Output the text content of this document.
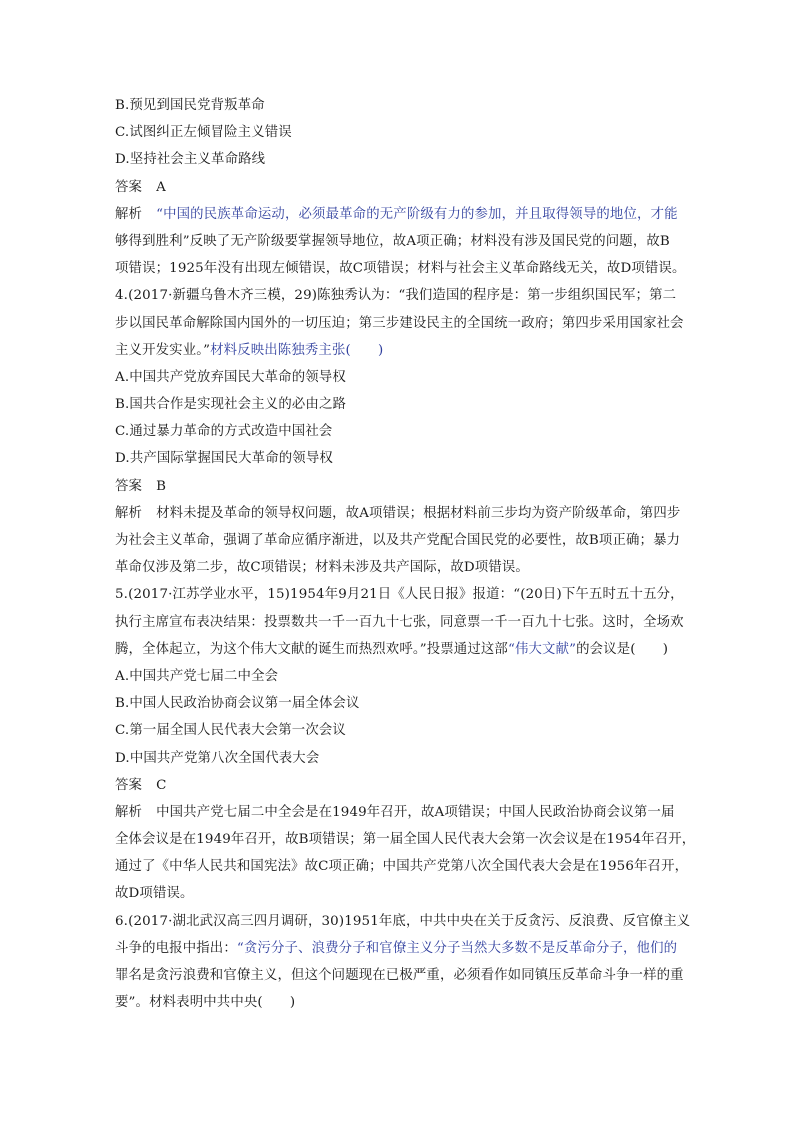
B.预见到国民党背叛革命
C.试图纠正左倾冒险主义错误
D.坚持社会主义革命路线
答案 A
解析 “中国的民族革命运动，必须最革命的无产阶级有力的参加，并且取得领导的地位，才能
够得到胜利”反映了无产阶级要掌握领导地位，故A项正确；材料没有涉及国民党的问题，故B
项错误；1925年没有出现左倾错误，故C项错误；材料与社会主义革命路线无关，故D项错误。
4.(2017·新疆乌鲁木齐三模，29)陈独秀认为：“我们造国的程序是：第一步组织国民军；第二
步以国民革命解除国内国外的一切压迫；第三步建设民主的全国统一政府；第四步采用国家社会
主义开发实业。”材料反映出陈独秀主张(　　)
A.中国共产党放弃国民大革命的领导权
B.国共合作是实现社会主义的必由之路
C.通过暴力革命的方式改造中国社会
D.共产国际掌握国民大革命的领导权
答案 B
解析 材料未提及革命的领导权问题，故A项错误；根据材料前三步均为资产阶级革命，第四步
为社会主义革命，强调了革命应循序渐进，以及共产党配合国民党的必要性，故B项正确；暴力
革命仅涉及第二步，故C项错误；材料未涉及共产国际，故D项错误。
5.(2017·江苏学业水平，15)1954年9月21日《人民日报》报道：“(20日)下午五时五十五分，
执行主席宣布表决结果：投票数共一千一百九十七张，同意票一千一百九十七张。这时，全场欢
腾，全体起立，为这个伟大文献的诞生而热烈欢呼。”投票通过这部“伟大文献”的会议是(　　)
A.中国共产党七届二中全会
B.中国人民政治协商会议第一届全体会议
C.第一届全国人民代表大会第一次会议
D.中国共产党第八次全国代表大会
答案 C
解析 中国共产党七届二中全会是在1949年召开，故A项错误；中国人民政治协商会议第一届
全体会议是在1949年召开，故B项错误；第一届全国人民代表大会第一次会议是在1954年召开，
通过了《中华人民共和国宪法》故C项正确；中国共产党第八次全国代表大会是在1956年召开，
故D项错误。
6.(2017·湖北武汉高三四月调研，30)1951年底，中共中央在关于反贪污、反浪费、反官僚主义
斗争的电报中指出：“贪污分子、浪费分子和官僚主义分子当然大多数不是反革命分子，他们的
罪名是贪污浪费和官僚主义，但这个问题现在已极严重，必须看作如同镇压反革命斗争一样的重
要”。材料表明中共中央(　　)
